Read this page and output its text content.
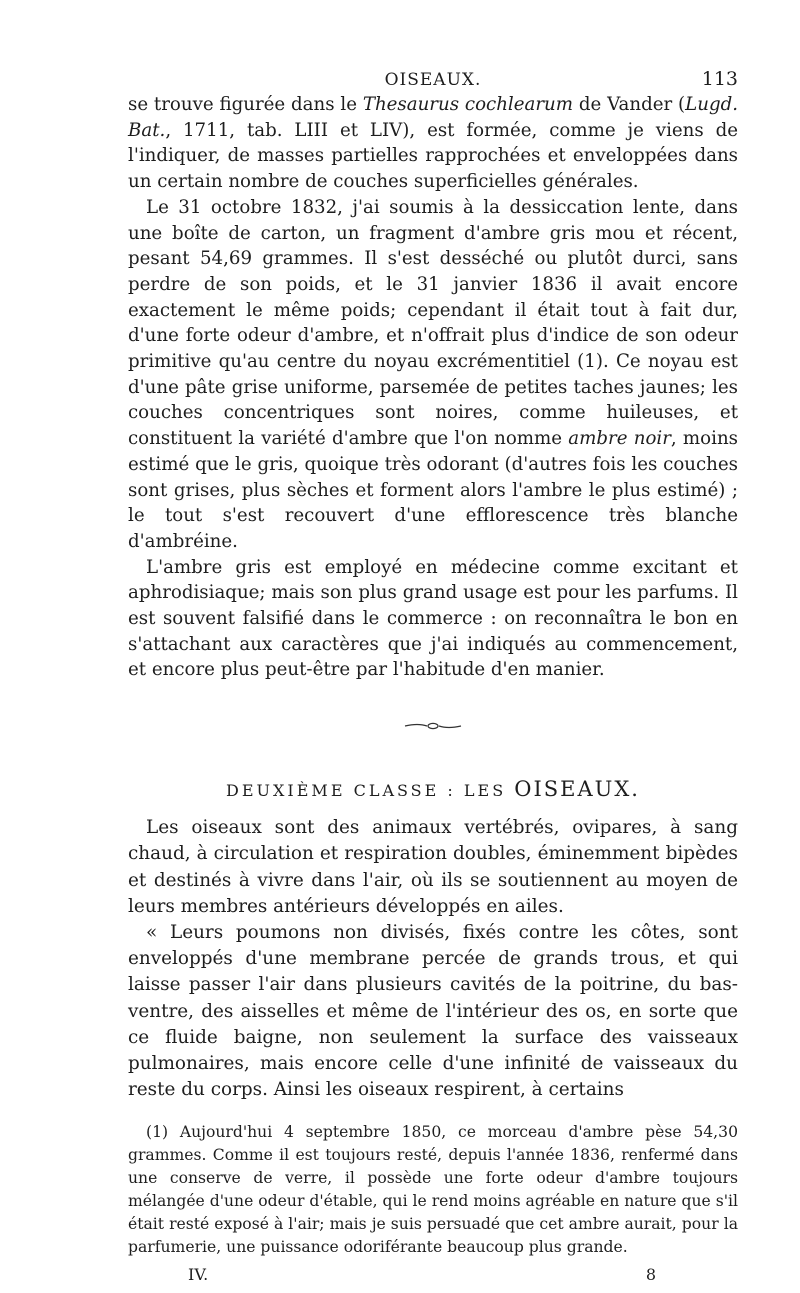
OISEAUX.	113

se trouve figurée dans le Thesaurus cochlearum de Vander (Lugd. Bat., 1711, tab. LIII et LIV), est formée, comme je viens de l'indiquer, de masses partielles rapprochées et enveloppées dans un certain nombre de couches superficielles générales.

Le 31 octobre 1832, j'ai soumis à la dessiccation lente, dans une boîte de carton, un fragment d'ambre gris mou et récent, pesant 54,69 grammes. Il s'est desséché ou plutôt durci, sans perdre de son poids, et le 31 janvier 1836 il avait encore exactement le même poids; cependant il était tout à fait dur, d'une forte odeur d'ambre, et n'offrait plus d'indice de son odeur primitive qu'au centre du noyau excrémentitiel (1). Ce noyau est d'une pâte grise uniforme, parsemée de petites taches jaunes; les couches concentriques sont noires, comme huileuses, et constituent la variété d'ambre que l'on nomme ambre noir, moins estimé que le gris, quoique très odorant (d'autres fois les couches sont grises, plus sèches et forment alors l'ambre le plus estimé) ; le tout s'est recouvert d'une efflorescence très blanche d'ambréine.

L'ambre gris est employé en médecine comme excitant et aphrodisiaque; mais son plus grand usage est pour les parfums. Il est souvent falsifié dans le commerce : on reconnaîtra le bon en s'attachant aux caractères que j'ai indiqués au commencement, et encore plus peut-être par l'habitude d'en manier.

DEUXIÈME CLASSE : LES OISEAUX.

Les oiseaux sont des animaux vertébrés, ovipares, à sang chaud, à circulation et respiration doubles, éminemment bipèdes et destinés à vivre dans l'air, où ils se soutiennent au moyen de leurs membres antérieurs développés en ailes.

« Leurs poumons non divisés, fixés contre les côtes, sont enveloppés d'une membrane percée de grands trous, et qui laisse passer l'air dans plusieurs cavités de la poitrine, du bas-ventre, des aisselles et même de l'intérieur des os, en sorte que ce fluide baigne, non seulement la surface des vaisseaux pulmonaires, mais encore celle d'une infinité de vaisseaux du reste du corps. Ainsi les oiseaux respirent, à certains

(1) Aujourd'hui 4 septembre 1850, ce morceau d'ambre pèse 54,30 grammes. Comme il est toujours resté, depuis l'année 1836, renfermé dans une conserve de verre, il possède une forte odeur d'ambre toujours mélangée d'une odeur d'étable, qui le rend moins agréable en nature que s'il était resté exposé à l'air; mais je suis persuadé que cet ambre aurait, pour la parfumerie, une puissance odoriférante beaucoup plus grande.

IV.	8
